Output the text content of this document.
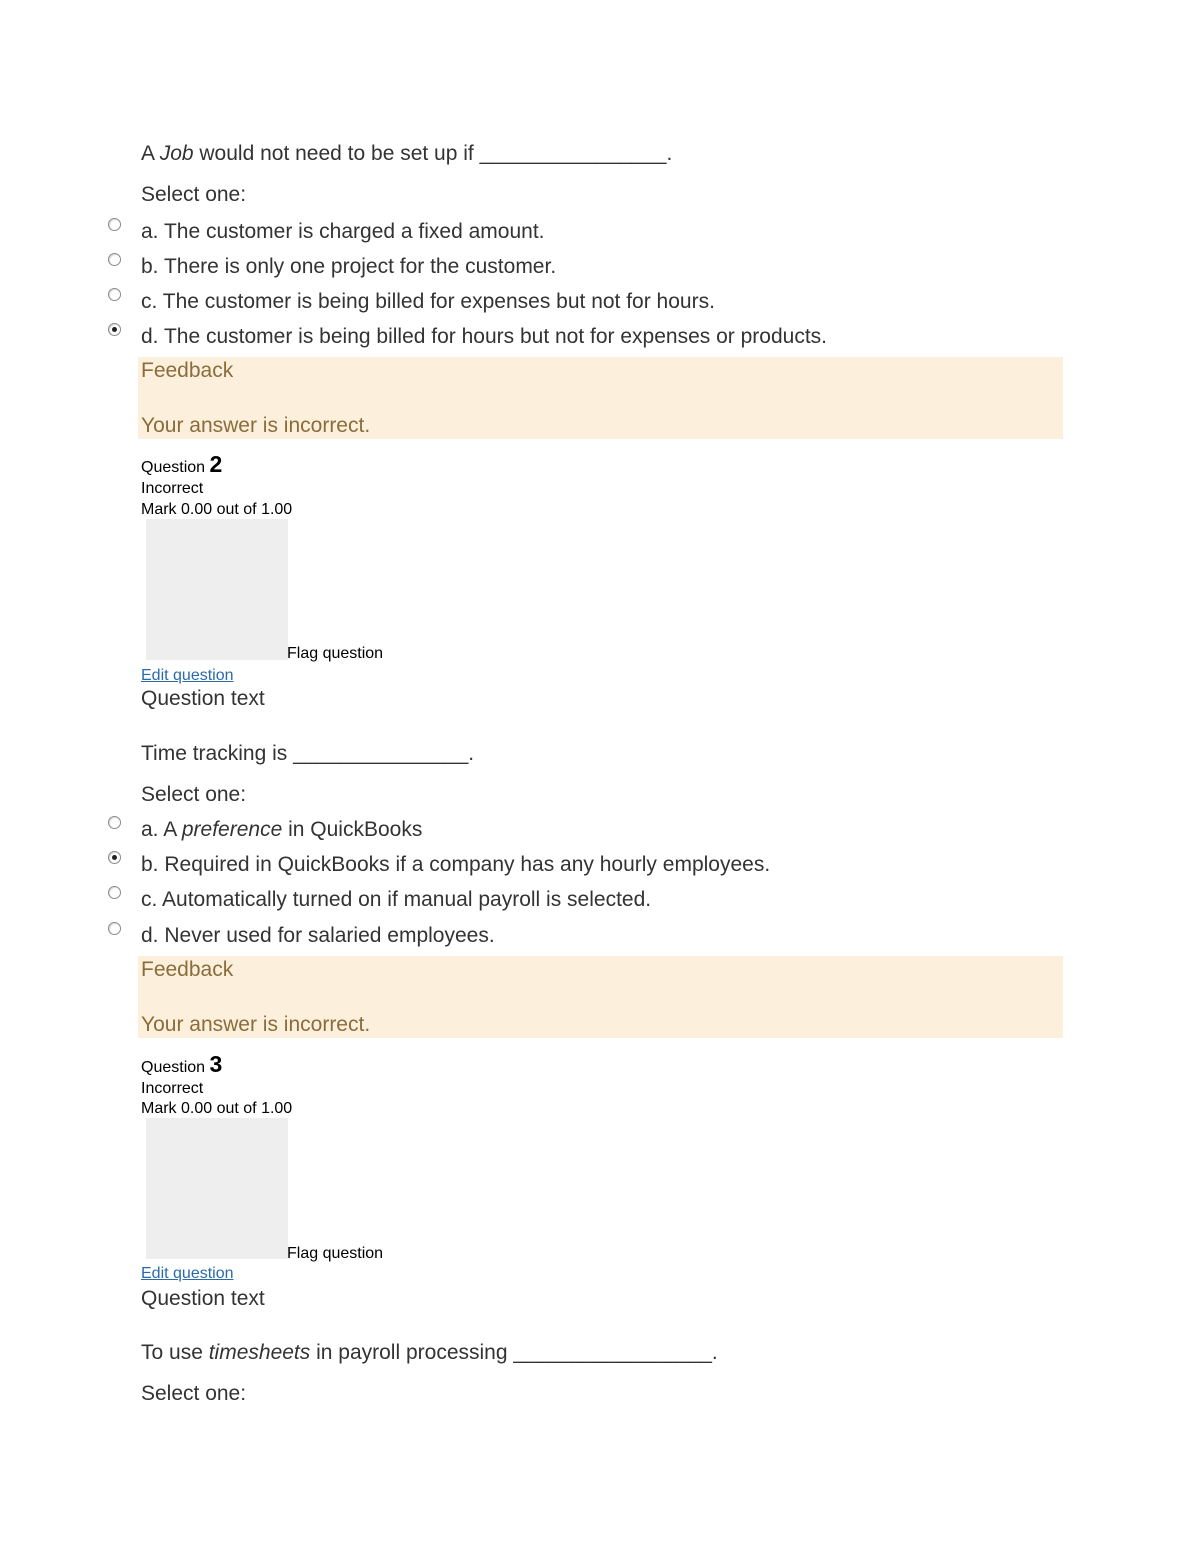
A Job would not need to be set up if ________________.
Select one:
a. The customer is charged a fixed amount.
b. There is only one project for the customer.
c. The customer is being billed for expenses but not for hours.
d. The customer is being billed for hours but not for expenses or products.
Feedback
Your answer is incorrect.
Question 2
Incorrect
Mark 0.00 out of 1.00
Flag question
Edit question
Question text
Time tracking is _______________.
Select one:
a. A preference in QuickBooks
b. Required in QuickBooks if a company has any hourly employees.
c. Automatically turned on if manual payroll is selected.
d. Never used for salaried employees.
Feedback
Your answer is incorrect.
Question 3
Incorrect
Mark 0.00 out of 1.00
Flag question
Edit question
Question text
To use timesheets in payroll processing _________________.
Select one:
